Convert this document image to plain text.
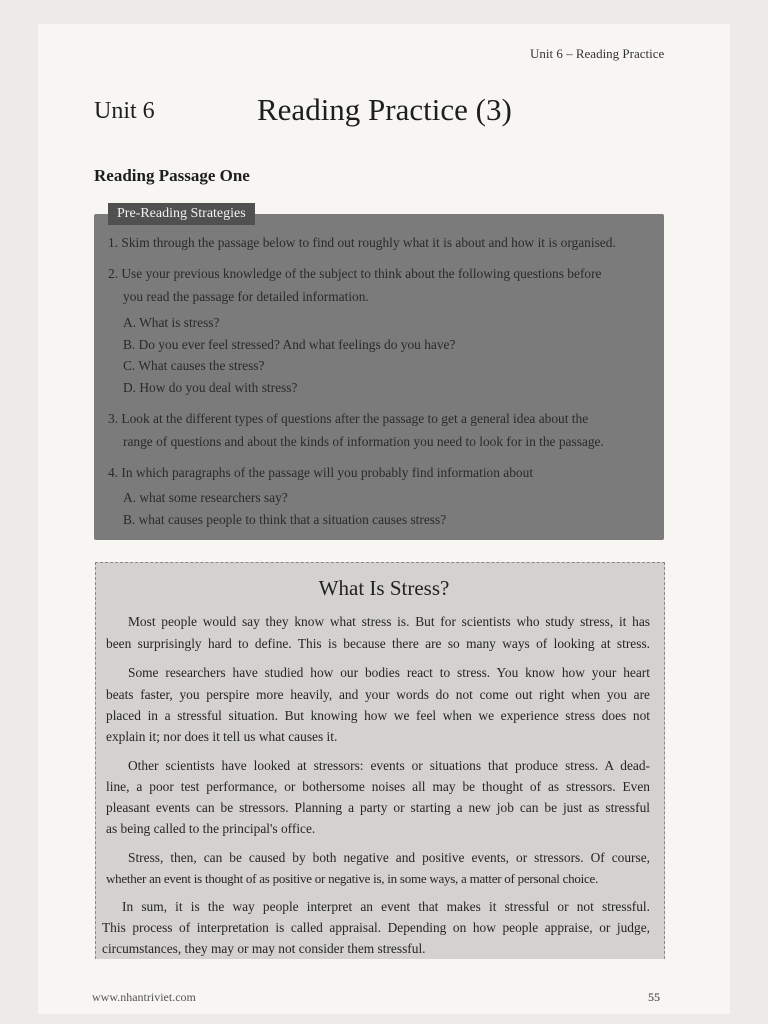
Unit 6 – Reading Practice
Unit 6	Reading Practice (3)
Reading Passage One
Pre-Reading Strategies
1. Skim through the passage below to find out roughly what it is about and how it is organised.
2. Use your previous knowledge of the subject to think about the following questions before
you read the passage for detailed information.
A. What is stress?
B. Do you ever feel stressed? And what feelings do you have?
C. What causes the stress?
D. How do you deal with stress?
3. Look at the different types of questions after the passage to get a general idea about the
range of questions and about the kinds of information you need to look for in the passage.
4. In which paragraphs of the passage will you probably find information about
A. what some researchers say?
B. what causes people to think that a situation causes stress?
What Is Stress?
Most people would say they know what stress is. But for scientists who study stress, it has
been surprisingly hard to define. This is because there are so many ways of looking at stress.
Some researchers have studied how our bodies react to stress. You know how your heart
beats faster, you perspire more heavily, and your words do not come out right when you are
placed in a stressful situation. But knowing how we feel when we experience stress does not
explain it; nor does it tell us what causes it.
Other scientists have looked at stressors: events or situations that produce stress. A dead-
line, a poor test performance, or bothersome noises all may be thought of as stressors. Even
pleasant events can be stressors. Planning a party or starting a new job can be just as stressful
as being called to the principal's office.
Stress, then, can be caused by both negative and positive events, or stressors. Of course,
whether an event is thought of as positive or negative is, in some ways, a matter of personal choice.
In sum, it is the way people interpret an event that makes it stressful or not stressful.
This process of interpretation is called appraisal. Depending on how people appraise, or judge,
circumstances, they may or may not consider them stressful.
www.nhantriviet.com	55
